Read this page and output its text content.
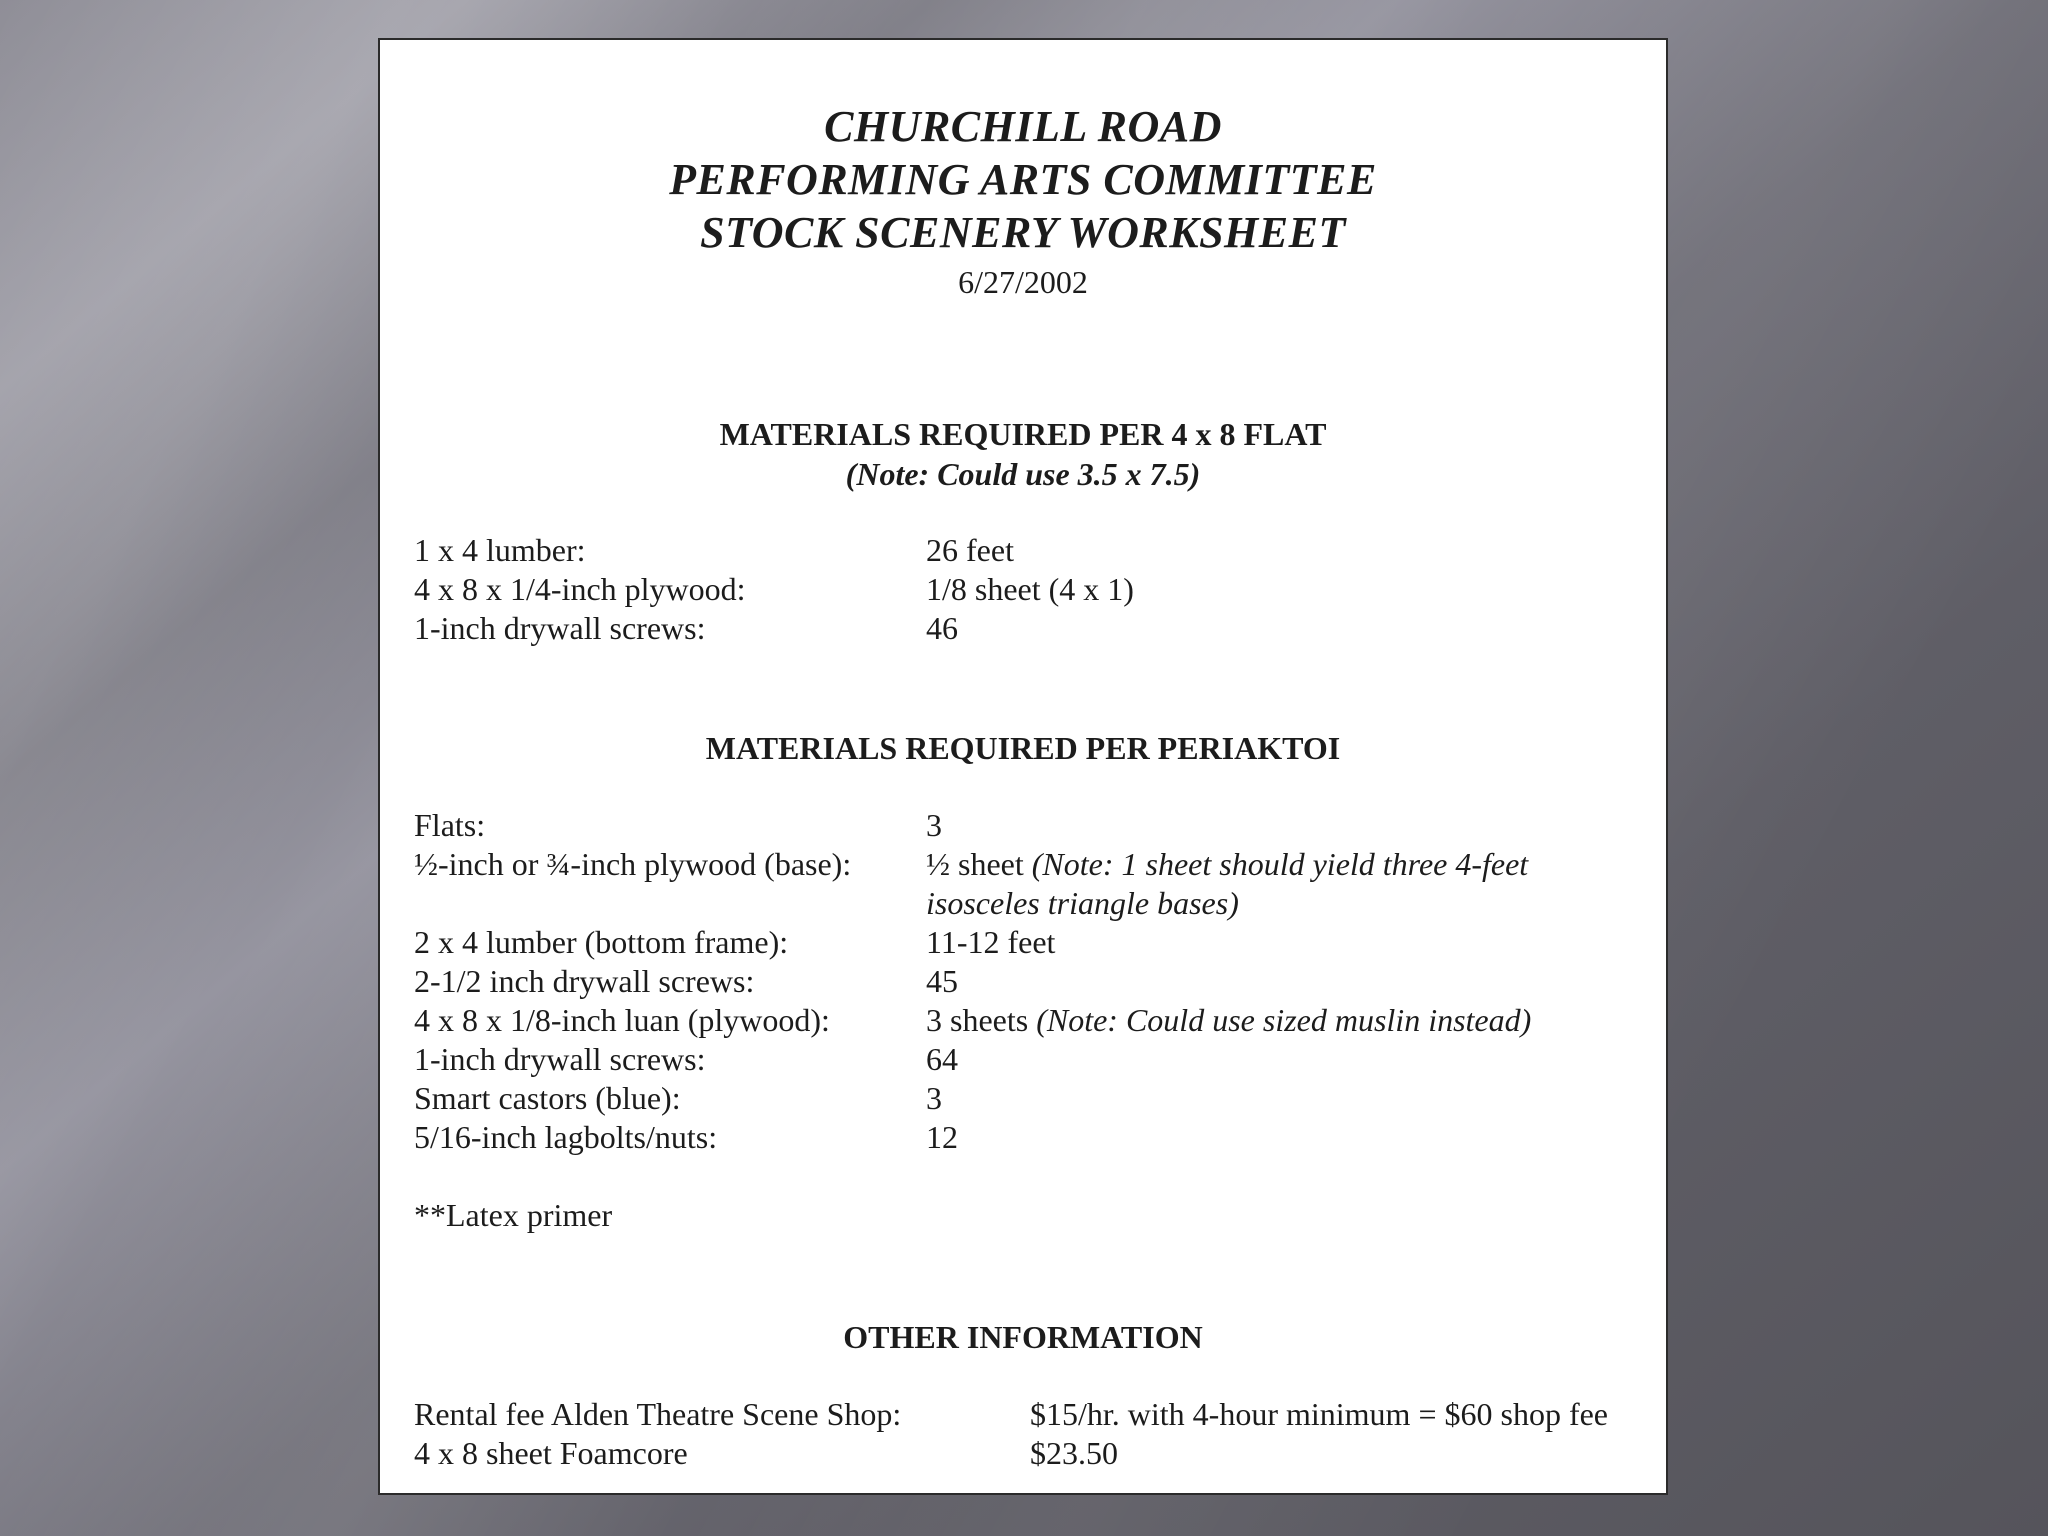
CHURCHILL ROAD
PERFORMING ARTS COMMITTEE
STOCK SCENERY WORKSHEET
6/27/2002
MATERIALS REQUIRED PER 4 x 8 FLAT
(Note: Could use 3.5 x 7.5)
1 x 4 lumber:	26 feet
4 x 8 x 1/4-inch plywood:	1/8 sheet (4 x 1)
1-inch drywall screws:	46
MATERIALS REQUIRED PER PERIAKTOI
Flats:	3
½-inch or ¾-inch plywood (base): ½ sheet (Note: 1 sheet should yield three 4-feet
isosceles triangle bases)
2 x 4 lumber (bottom frame):	11-12 feet
2-1/2 inch drywall screws:	45
4 x 8 x 1/8-inch luan (plywood):	3 sheets (Note: Could use sized muslin instead)
1-inch drywall screws:	64
Smart castors (blue):	3
5/16-inch lagbolts/nuts:	12
**Latex primer
OTHER INFORMATION
Rental fee Alden Theatre Scene Shop:	$15/hr. with 4-hour minimum = $60 shop fee
4 x 8 sheet Foamcore	$23.50
